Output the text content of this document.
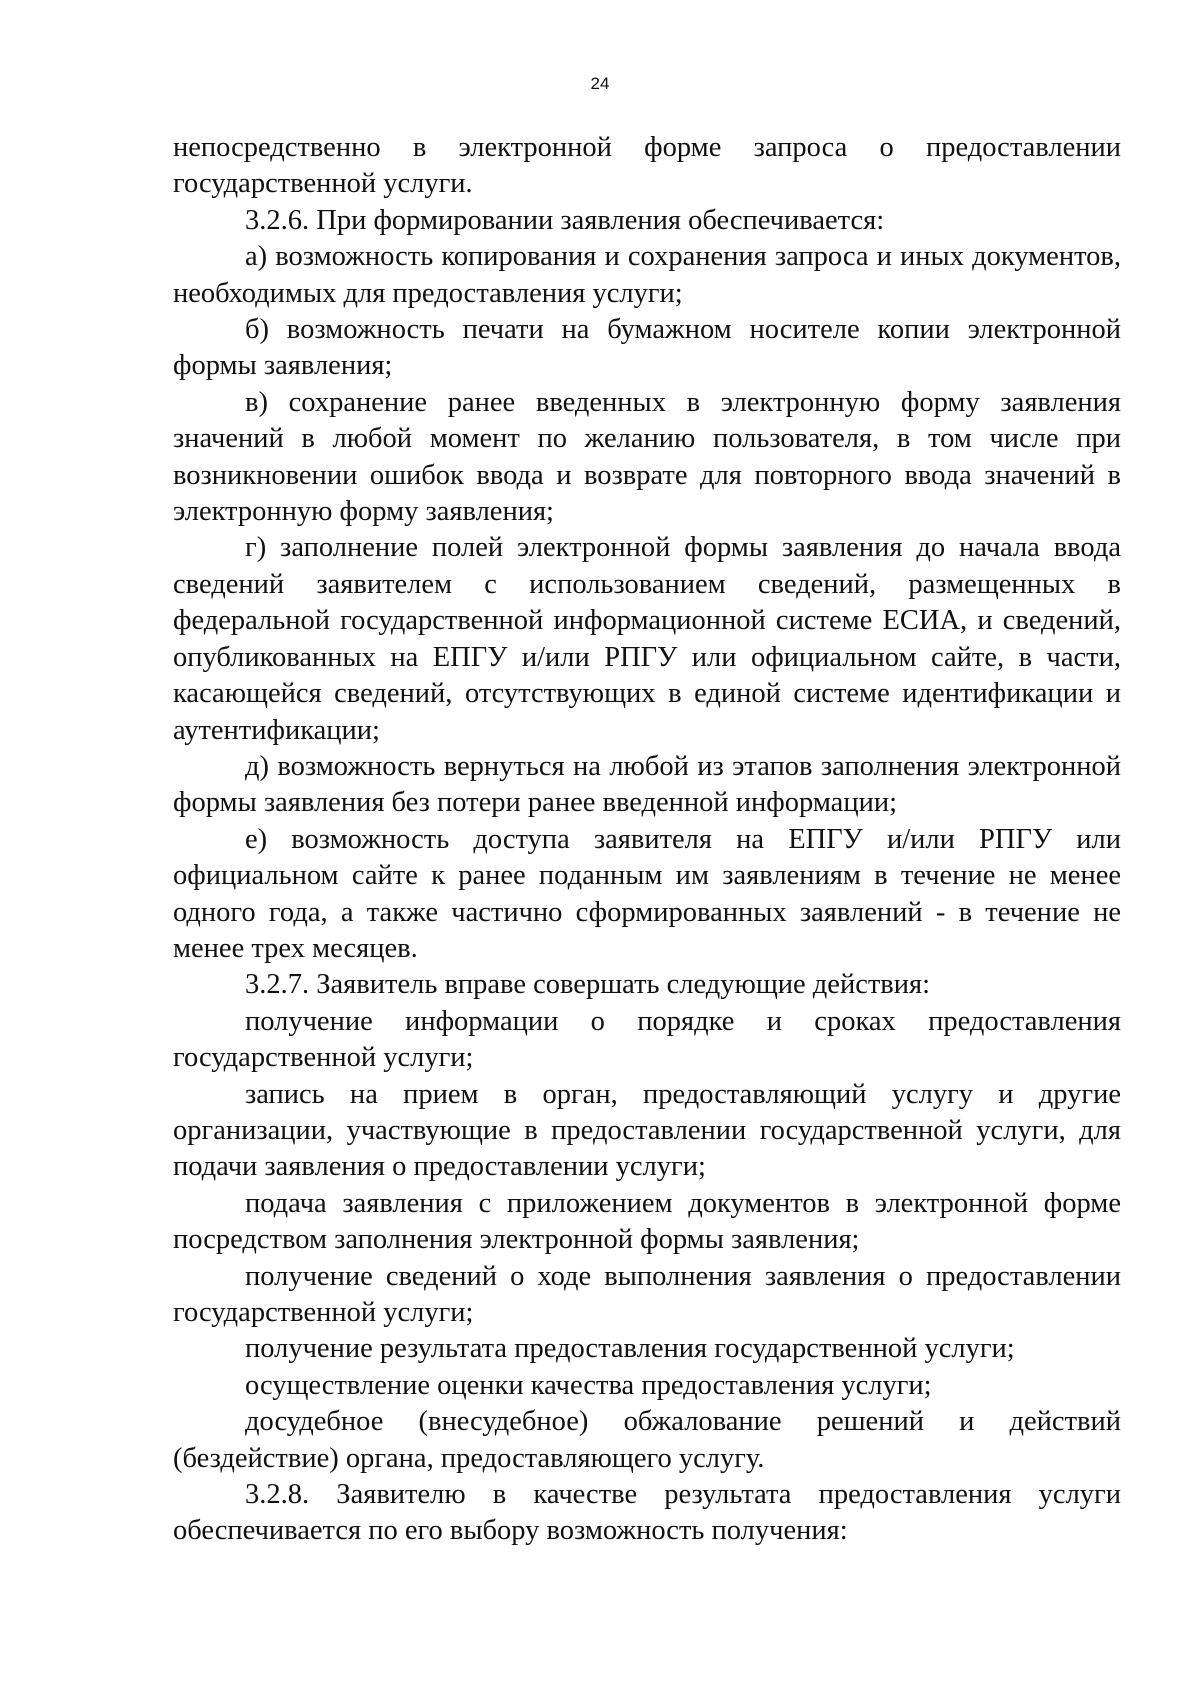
24

непосредственно в электронной форме запроса о предоставлении государственной услуги.

3.2.6. При формировании заявления обеспечивается:

а) возможность копирования и сохранения запроса и иных документов, необходимых для предоставления услуги;

б) возможность печати на бумажном носителе копии электронной формы заявления;

в) сохранение ранее введенных в электронную форму заявления значений в любой момент по желанию пользователя, в том числе при возникновении ошибок ввода и возврате для повторного ввода значений в электронную форму заявления;

г) заполнение полей электронной формы заявления до начала ввода сведений заявителем с использованием сведений, размещенных в федеральной государственной информационной системе ЕСИА, и сведений, опубликованных на ЕПГУ и/или РПГУ или официальном сайте, в части, касающейся сведений, отсутствующих в единой системе идентификации и аутентификации;

д) возможность вернуться на любой из этапов заполнения электронной формы заявления без потери ранее введенной информации;

е) возможность доступа заявителя на ЕПГУ и/или РПГУ или официальном сайте к ранее поданным им заявлениям в течение не менее одного года, а также частично сформированных заявлений - в течение не менее трех месяцев.

3.2.7. Заявитель вправе совершать следующие действия:

получение информации о порядке и сроках предоставления государственной услуги;

запись на прием в орган, предоставляющий услугу и другие организации, участвующие в предоставлении государственной услуги, для подачи заявления о предоставлении услуги;

подача заявления с приложением документов в электронной форме посредством заполнения электронной формы заявления;

получение сведений о ходе выполнения заявления о предоставлении государственной услуги;

получение результата предоставления государственной услуги;

осуществление оценки качества предоставления услуги;

досудебное (внесудебное) обжалование решений и действий (бездействие) органа, предоставляющего услугу.

3.2.8. Заявителю в качестве результата предоставления услуги обеспечивается по его выбору возможность получения:
